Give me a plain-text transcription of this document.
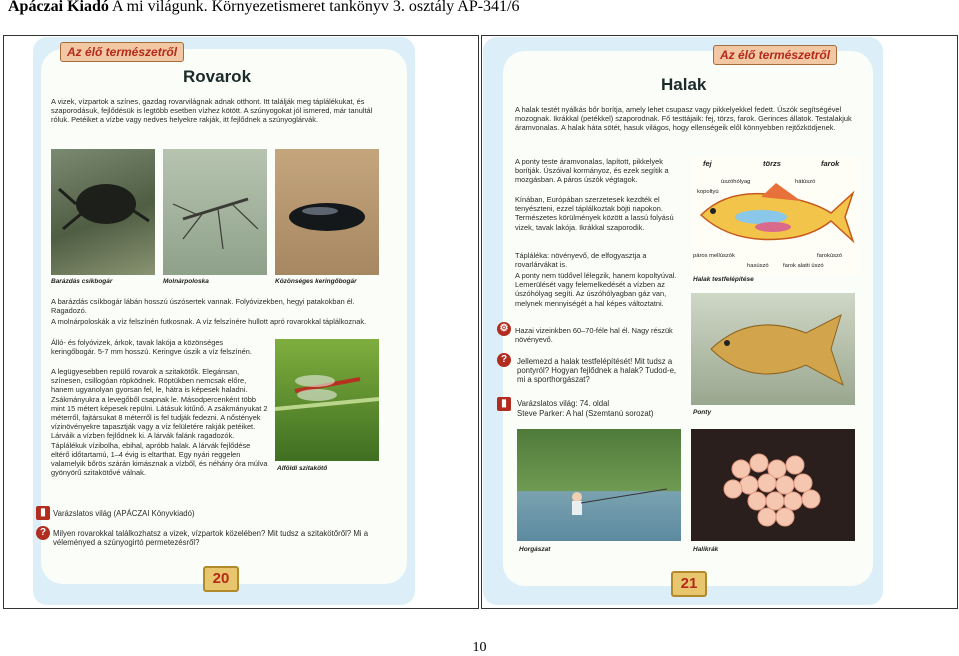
Apáczai Kiadó A mi világunk. Környezetismeret tankönyv 3. osztály AP-341/6
Az élő természetről
Rovarok
A vizek, vízpartok a színes, gazdag rovarvilágnak adnak otthont. Itt találják meg táplálékukat, és szaporodásuk, fejlődésük is legtöbb esetben vízhez kötött. A szúnyogokat jól ismered, már tanultál róluk. Petéiket a vízbe vagy nedves helyekre rakják, itt fejlődnek a szúnyoglárvák.
Barázdás csíkbogár	Molnárpoloska	Közönséges keringőbogár
A barázdás csíkbogár lábán hosszú úszósertek vannak. Folyóvizekben, hegyi patakokban él. Ragadozó.
A molnárpoloskák a víz felszínén futkosnak. A víz felszínére hullott apró rovarokkal táplálkoznak.
Álló- és folyóvizek, árkok, tavak lakója a közönséges keringőbogár. 5-7 mm hosszú. Keringve úszik a víz felszínén.
A legügyesebben repülő rovarok a szitakötők. Elegánsan, színesen, csillogóan röpködnek. Röptükben nemcsak előre, hanem ugyanolyan gyorsan fel, le, hátra is képesek haladni. Zsákmányukra a levegőből csapnak le. Másodpercenként több mint 15 métert képesek repülni. Látásuk kitűnő. A zsákmányukat 2 méterről, fajtársukat 8 méterről is fel tudják fedezni. A nőstények vízinövényekre tapasztják vagy a víz felületére rakják petéiket. Lárváik a vízben fejlődnek ki. A lárvák falánk ragadozók. Táplálékuk vízibolha, ebihal, apróbb halak. A lárvák fejlődése eltérő időtartamú, 1–4 évig is eltarthat. Egy nyári reggelen valamelyik bőrös szárán kimásznak a vízből, és néhány óra múlva gyönyörű szitakötővé válnak.	Alföldi szitakötő
▮ Varázslatos világ (APÁCZAI Könyvkiadó)
? Milyen rovarokkal találkozhatsz a vizek, vízpartok közelében? Mit tudsz a szitakötőről? Mi a véleményed a szúnyogirtó permetezésről?
20
Az élő természetről
Halak
A halak testét nyálkás bőr borítja, amely lehet csupasz vagy pikkelyekkel fedett. Úszók segítségével mozognak. Ikrákkal (petékkel) szaporodnak. Fő testtájaik: fej, törzs, farok. Gerinces állatok. Testalakjuk áramvonalas. A halak háta sötét, hasuk világos, hogy ellenségeik elől könnyebben rejtőzködjenek.
A ponty teste áramvonalas, lapított, pikkelyek borítják. Úszóival kormányoz, és ezek segítik a mozgásban. A páros úszók végtagok.
Kínában, Európában szerzetesek kezdték el tenyészteni, ezzel táplálkoztak böjti napokon. Természetes körülmények között a lassú folyású vizek, tavak lakója. Ikrákkal szaporodik.
Táplálékа: növényevő, de elfogyasztja a rovarlárvákat is.
A ponty nem tüdővel lélegzik, hanem kopoltyúval. Lemerülését vagy felemelkedését a vízben az úszóhólyag segíti. Az úszóhólyagban gáz van, melynek mennyiségét a hal képes változtatni.
Hazai vizeinkben 60–70-féle hal él. Nagy részük növényevő.
fej	törzs	farok
úszóhólyag	hátúszó
kopoltyú
páros mellúszók
hasúszó farok alatti úszó
farokúszó
Halak testfelépítése
Ponty
⚙
?	Jellemezd a halak testfelépítését! Mit tudsz a pontyról? Hogyan fejlődnek a halak? Tudod-e, mi a sporthorgászat?
▮	Varázslatos világ: 74. oldal
Steve Parker: A hal (Szemtanú sorozat)
Horgászat	Halikrák
21
10
